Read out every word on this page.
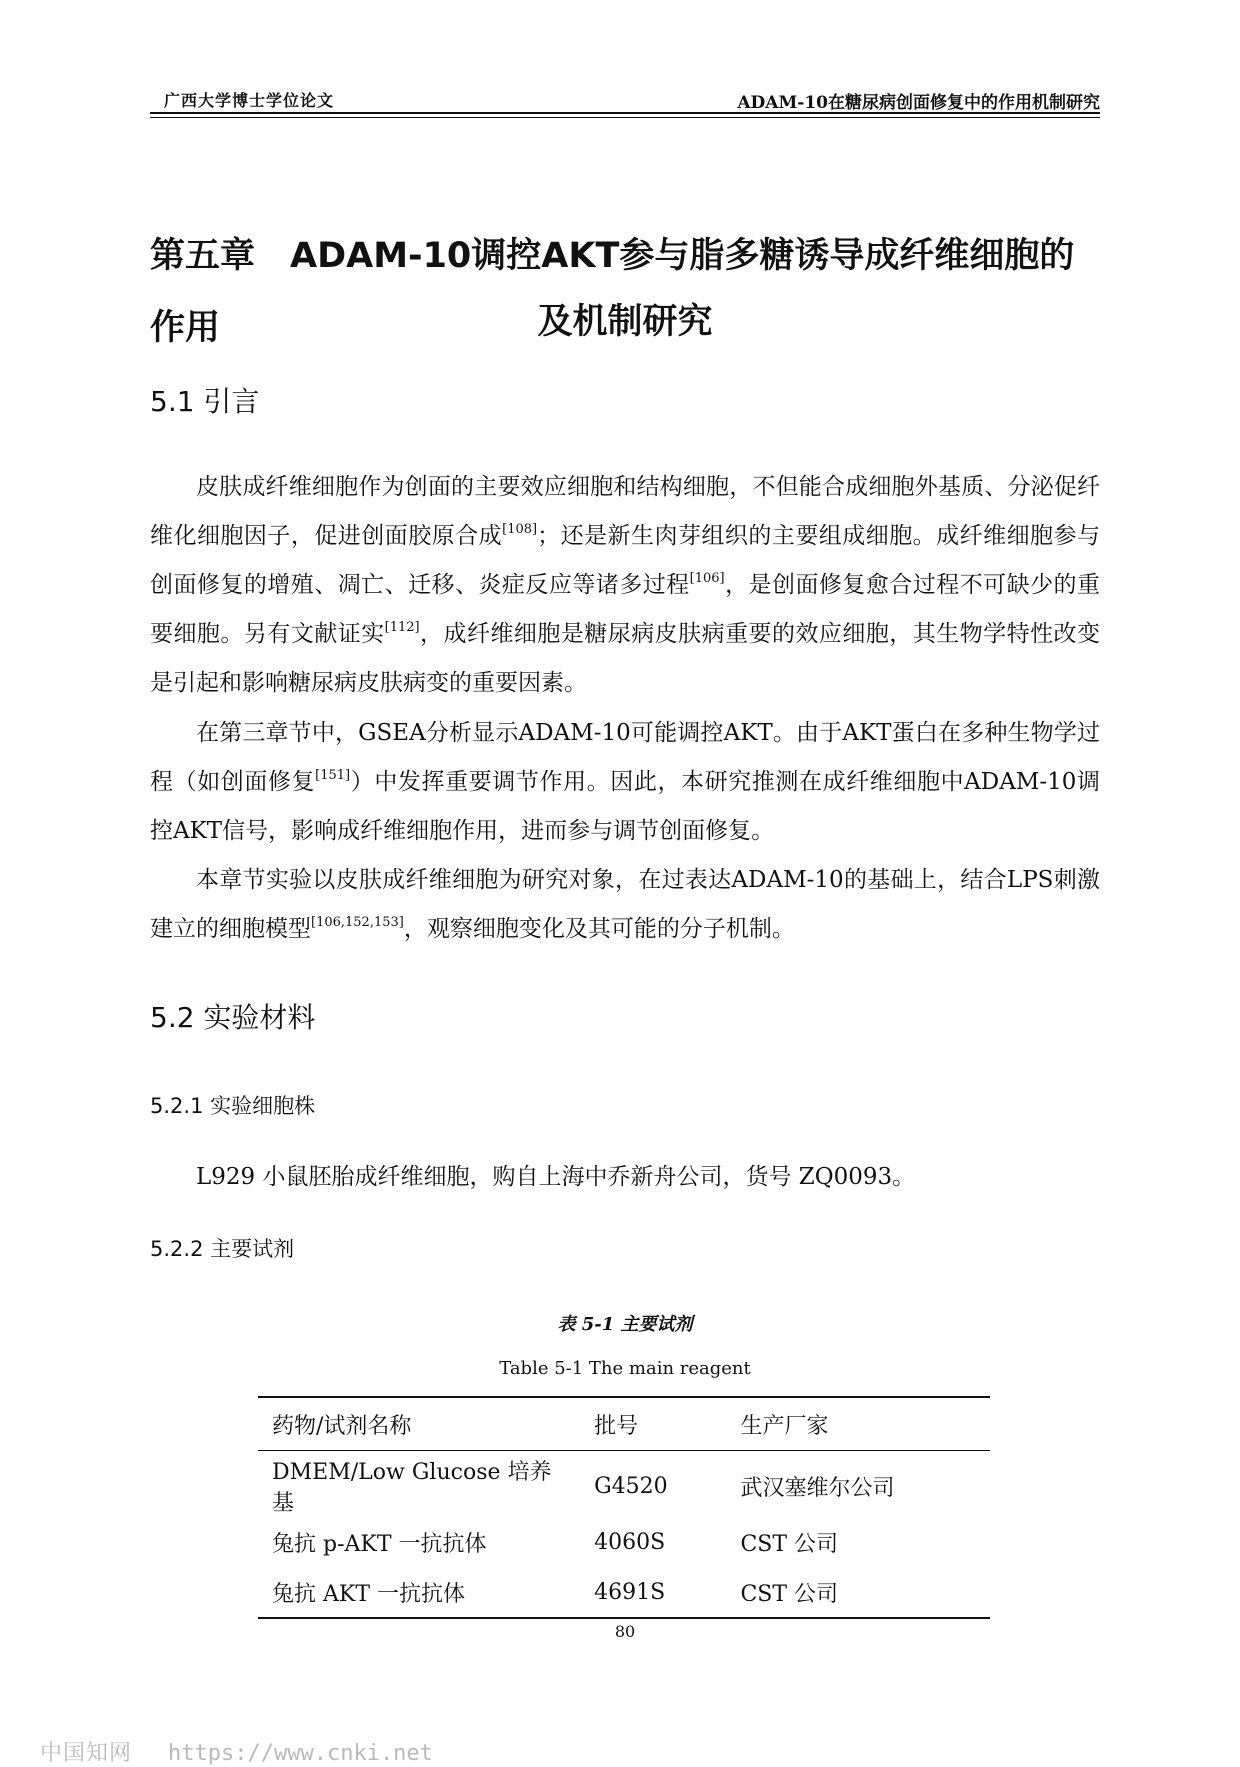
广西大学博士学位论文	ADAM-10在糖尿病创面修复中的作用机制研究
第五章　ADAM-10调控AKT参与脂多糖诱导成纤维细胞的作用	及机制研究
5.1 引言
皮肤成纤维细胞作为创面的主要效应细胞和结构细胞，不但能合成细胞外基质、分泌促纤维化细胞因子，促进创面胶原合成[108]；还是新生肉芽组织的主要组成细胞。成纤维细胞参与创面修复的增殖、凋亡、迁移、炎症反应等诸多过程[106]，是创面修复愈合过程不可缺少的重要细胞。另有文献证实[112]，成纤维细胞是糖尿病皮肤病重要的效应细胞，其生物学特性改变是引起和影响糖尿病皮肤病变的重要因素。
在第三章节中，GSEA分析显示ADAM-10可能调控AKT。由于AKT蛋白在多种生物学过程（如创面修复[151]）中发挥重要调节作用。因此，本研究推测在成纤维细胞中ADAM-10调控AKT信号，影响成纤维细胞作用，进而参与调节创面修复。
本章节实验以皮肤成纤维细胞为研究对象，在过表达ADAM-10的基础上，结合LPS刺激建立的细胞模型[106,152,153]，观察细胞变化及其可能的分子机制。
5.2 实验材料
5.2.1 实验细胞株
L929 小鼠胚胎成纤维细胞，购自上海中乔新舟公司，货号 ZQ0093。
5.2.2 主要试剂
表 5-1 主要试剂
Table 5-1 The main reagent
药物/试剂名称	批号	生产厂家
DMEM/Low Glucose 培养基	G4520	武汉塞维尔公司
兔抗 p-AKT 一抗抗体	4060S	CST 公司
兔抗 AKT 一抗抗体	4691S	CST 公司
80
中国知网 https://www.cnki.net
